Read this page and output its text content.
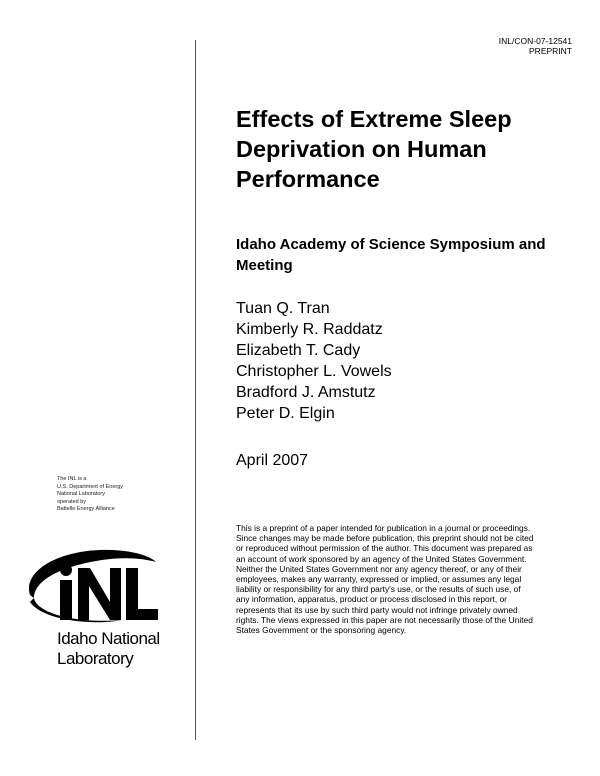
INL/CON-07-12541
PREPRINT
Effects of Extreme Sleep Deprivation on Human Performance
Idaho Academy of Science Symposium and Meeting
Tuan Q. Tran
Kimberly R. Raddatz
Elizabeth T. Cady
Christopher L. Vowels
Bradford J. Amstutz
Peter D. Elgin
April 2007
This is a preprint of a paper intended for publication in a journal or proceedings. Since changes may be made before publication, this preprint should not be cited or reproduced without permission of the author. This document was prepared as an account of work sponsored by an agency of the United States Government. Neither the United States Government nor any agency thereof, or any of their employees, makes any warranty, expressed or implied, or assumes any legal liability or responsibility for any third party's use, or the results of such use, of any information, apparatus, product or process disclosed in this report, or represents that its use by such third party would not infringe privately owned rights. The views expressed in this paper are not necessarily those of the United States Government or the sponsoring agency.
The INL is a
U.S. Department of Energy
National Laboratory
operated by
Battelle Energy Alliance
Idaho National
Laboratory
